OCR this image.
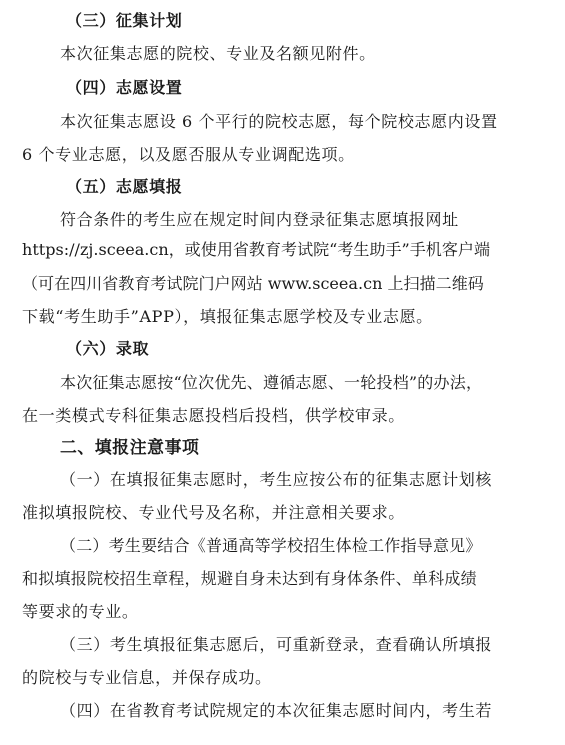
（三）征集计划
本次征集志愿的院校、专业及名额见附件。
（四）志愿设置
本次征集志愿设 6 个平行的院校志愿，每个院校志愿内设置
6 个专业志愿，以及愿否服从专业调配选项。
（五）志愿填报
符合条件的考生应在规定时间内登录征集志愿填报网址
https://zj.sceea.cn，或使用省教育考试院“考生助手”手机客户端
（可在四川省教育考试院门户网站 www.sceea.cn 上扫描二维码
下载“考生助手”APP），填报征集志愿学校及专业志愿。
（六）录取
本次征集志愿按“位次优先、遵循志愿、一轮投档”的办法，
在一类模式专科征集志愿投档后投档，供学校审录。
二、填报注意事项
（一）在填报征集志愿时，考生应按公布的征集志愿计划核
准拟填报院校、专业代号及名称，并注意相关要求。
（二）考生要结合《普通高等学校招生体检工作指导意见》
和拟填报院校招生章程，规避自身未达到有身体条件、单科成绩
等要求的专业。
（三）考生填报征集志愿后，可重新登录，查看确认所填报
的院校与专业信息，并保存成功。
（四）在省教育考试院规定的本次征集志愿时间内，考生若
